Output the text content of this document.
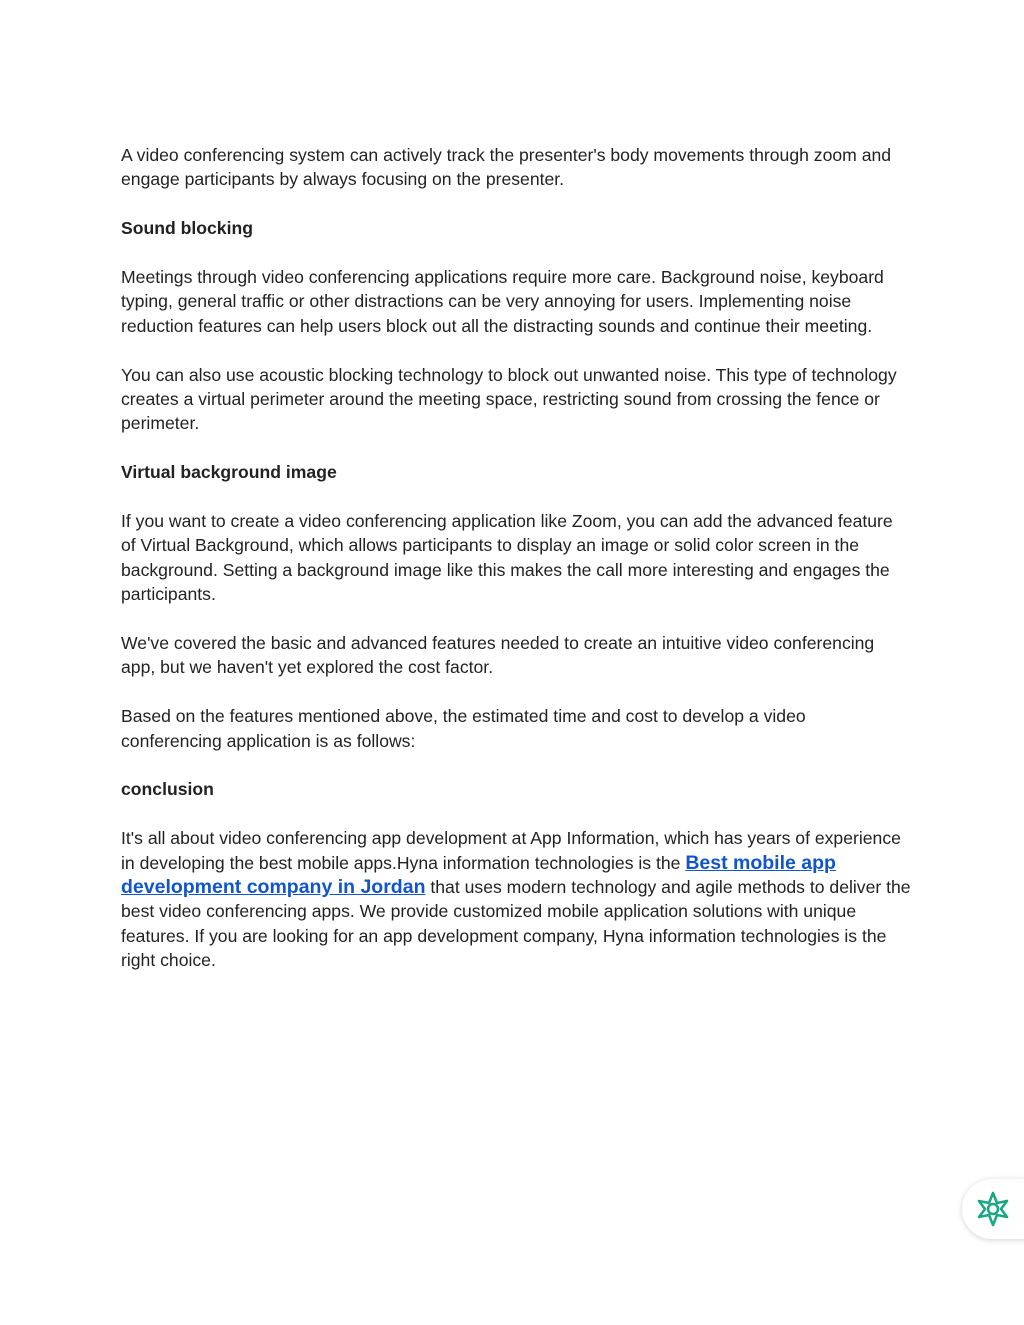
A video conferencing system can actively track the presenter's body movements through zoom and engage participants by always focusing on the presenter.

Sound blocking

Meetings through video conferencing applications require more care. Background noise, keyboard typing, general traffic or other distractions can be very annoying for users. Implementing noise reduction features can help users block out all the distracting sounds and continue their meeting.

You can also use acoustic blocking technology to block out unwanted noise. This type of technology creates a virtual perimeter around the meeting space, restricting sound from crossing the fence or perimeter.

Virtual background image

If you want to create a video conferencing application like Zoom, you can add the advanced feature of Virtual Background, which allows participants to display an image or solid color screen in the background. Setting a background image like this makes the call more interesting and engages the participants.

We've covered the basic and advanced features needed to create an intuitive video conferencing app, but we haven't yet explored the cost factor.

Based on the features mentioned above, the estimated time and cost to develop a video conferencing application is as follows:

conclusion

It's all about video conferencing app development at App Information, which has years of experience in developing the best mobile apps.Hyna information technologies is the Best mobile app development company in Jordan that uses modern technology and agile methods to deliver the best video conferencing apps. We provide customized mobile application solutions with unique features. If you are looking for an app development company, Hyna information technologies is the right choice.
